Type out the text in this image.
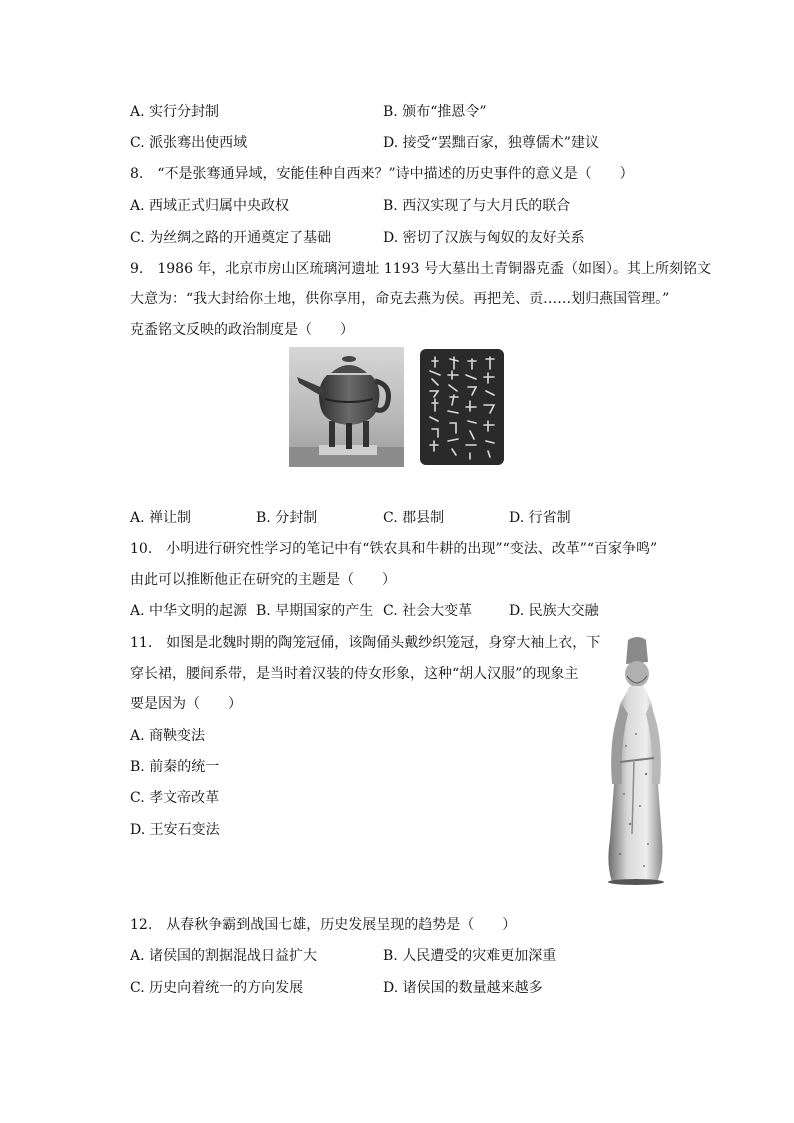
A. 实行分封制	B. 颁布“推恩令”
C. 派张骞出使西域	D. 接受“罢黜百家，独尊儒术”建议
8.　“不是张骞通异域，安能佳种自西来？”诗中描述的历史事件的意义是（　　）
A. 西域正式归属中央政权	B. 西汉实现了与大月氏的联合
C. 为丝绸之路的开通奠定了基础	D. 密切了汉族与匈奴的友好关系
9.　1986 年，北京市房山区琉璃河遗址 1193 号大墓出土青铜器克盉（如图）。其上所刻铭文
大意为：“我大封给你土地，供你享用，命克去燕为侯。再把羌、贡……划归燕国管理。”
克盉铭文反映的政治制度是（　　）
A. 禅让制	B. 分封制	C. 郡县制	D. 行省制
10.　小明进行研究性学习的笔记中有“铁农具和牛耕的出现”“变法、改革”“百家争鸣”
由此可以推断他正在研究的主题是（　　）
A. 中华文明的起源 B. 早期国家的产生 C. 社会大变革	D. 民族大交融
11.　如图是北魏时期的陶笼冠俑，该陶俑头戴纱织笼冠，身穿大袖上衣，下
穿长裙，腰间系带，是当时着汉装的侍女形象，这种“胡人汉服”的现象主
要是因为（　　）
A. 商鞅变法
B. 前秦的统一
C. 孝文帝改革
D. 王安石变法
12.　从春秋争霸到战国七雄，历史发展呈现的趋势是（　　）
A. 诸侯国的割据混战日益扩大	B. 人民遭受的灾难更加深重
C. 历史向着统一的方向发展	D. 诸侯国的数量越来越多
